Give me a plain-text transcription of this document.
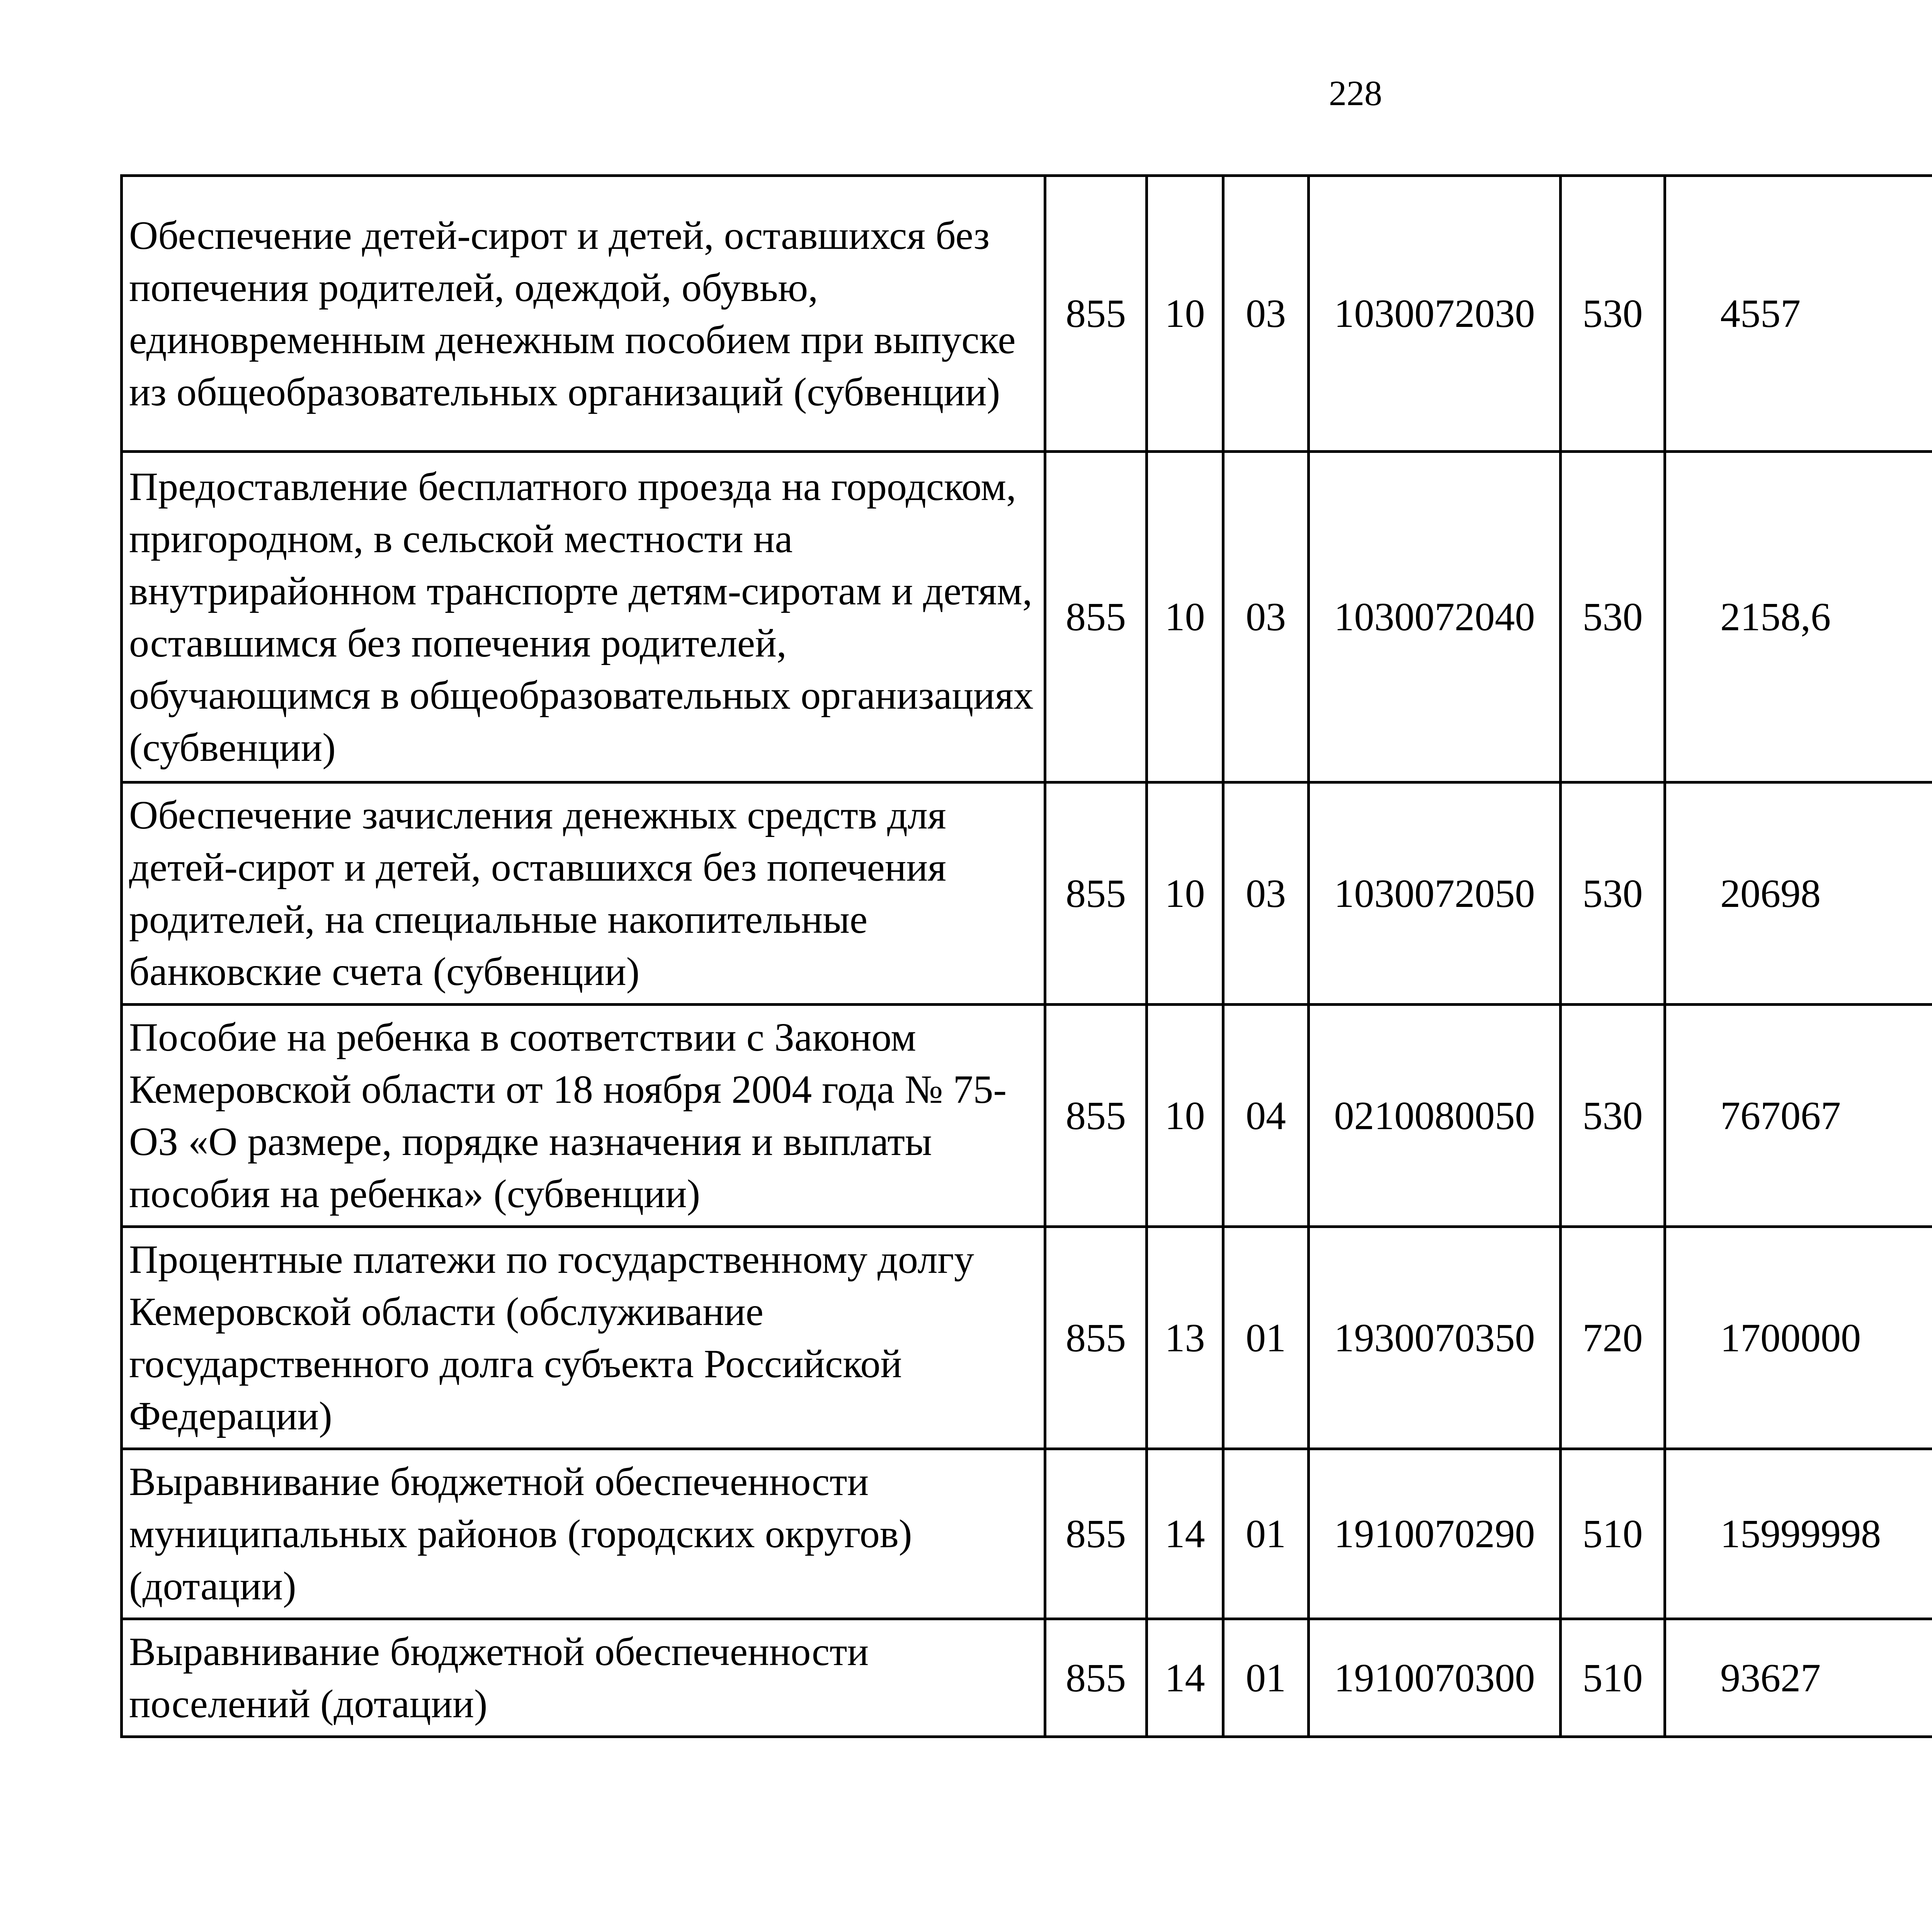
228
Обеспечение детей-сирот и детей, оставшихся без попечения родителей, одеждой, обувью, единовременным денежным пособием при выпуске из общеобразовательных организаций (субвенции)	855	10	03	1030072030	530	4557		
Предоставление бесплатного проезда на городском, пригородном, в сельской местности на внутрирайонном транспорте детям-сиротам и детям, оставшимся без попечения родителей, обучающимся в общеобразовательных организациях (субвенции)	855	10	03	1030072040	530	2158,6		
Обеспечение зачисления денежных средств для детей-сирот и детей, оставшихся без попечения родителей, на специальные накопительные банковские счета (субвенции)	855	10	03	1030072050	530	20698		
Пособие на ребенка в соответствии с Законом Кемеровской области от 18 ноября 2004 года № 75-ОЗ «О размере, порядке назначения и выплаты пособия на ребенка» (субвенции)	855	10	04	0210080050	530	767067		
Процентные платежи по государственному долгу Кемеровской области (обслуживание государственного долга субъекта Российской Федерации)	855	13	01	1930070350	720	1700000		
Выравнивание бюджетной обеспеченности муниципальных районов (городских округов) (дотации)	855	14	01	1910070290	510	15999998		
Выравнивание бюджетной обеспеченности поселений (дотации)	855	14	01	1910070300	510	93627		
